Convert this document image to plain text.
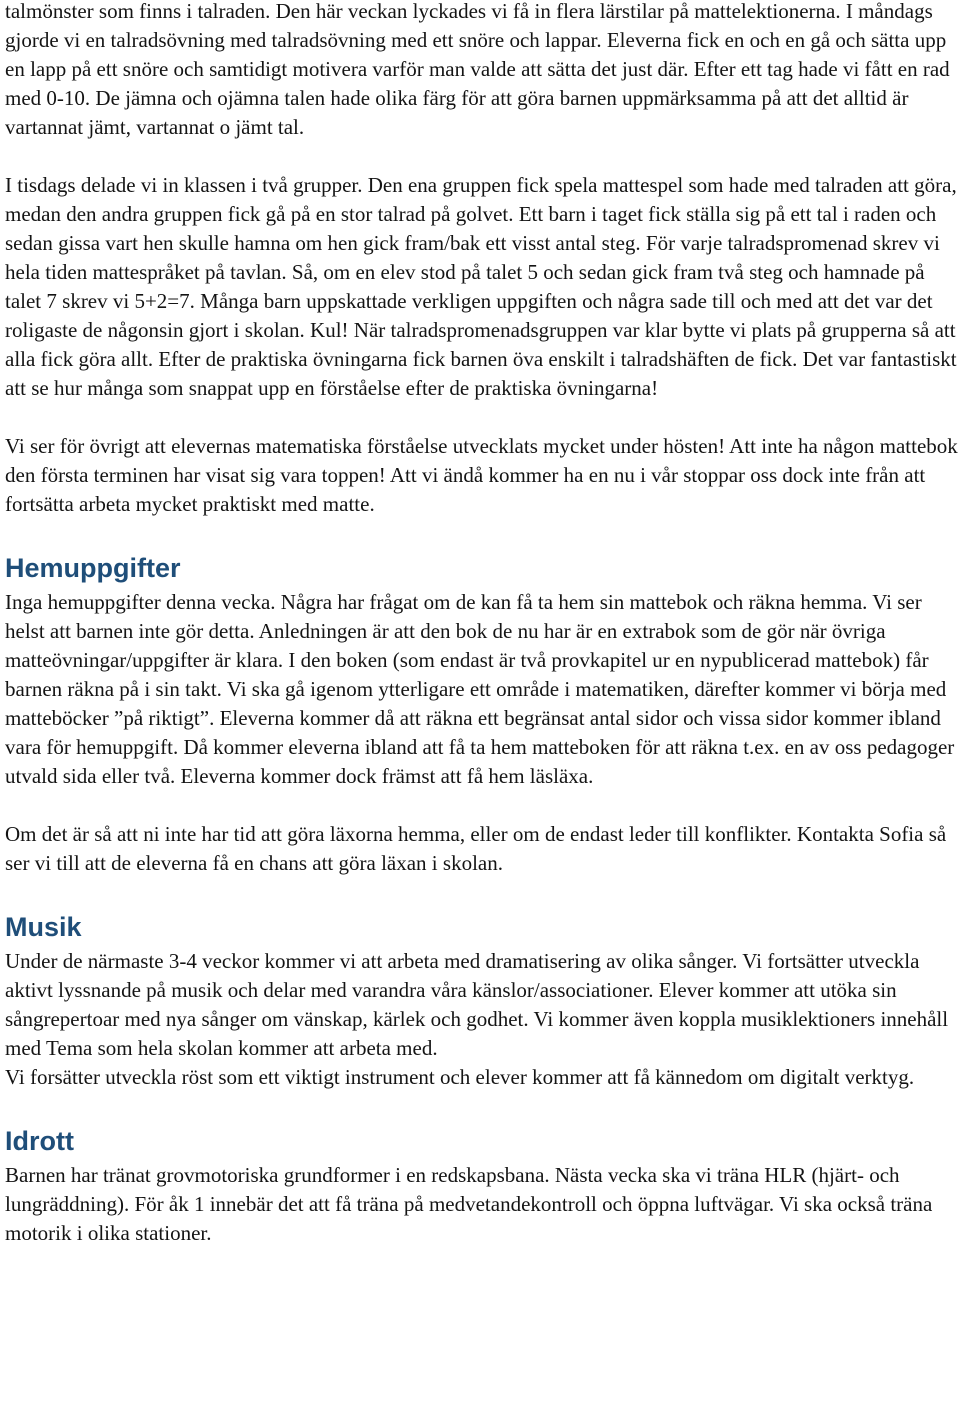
talmönster som finns i talraden. Den här veckan lyckades vi få in flera lärstilar på mattelektionerna. I måndags gjorde vi en talradsövning med talradsövning med ett snöre och lappar. Eleverna fick en och en gå och sätta upp en lapp på ett snöre och samtidigt motivera varför man valde att sätta det just där. Efter ett tag hade vi fått en rad med 0-10. De jämna och ojämna talen hade olika färg för att göra barnen uppmärksamma på att det alltid är vartannat jämt, vartannat o jämt tal.

I tisdags delade vi in klassen i två grupper. Den ena gruppen fick spela mattespel som hade med talraden att göra, medan den andra gruppen fick gå på en stor talrad på golvet. Ett barn i taget fick ställa sig på ett tal i raden och sedan gissa vart hen skulle hamna om hen gick fram/bak ett visst antal steg. För varje talradspromenad skrev vi hela tiden mattespråket på tavlan. Så, om en elev stod på talet 5 och sedan gick fram två steg och hamnade på talet 7 skrev vi 5+2=7. Många barn uppskattade verkligen uppgiften och några sade till och med att det var det roligaste de någonsin gjort i skolan. Kul! När talradspromenadsgruppen var klar bytte vi plats på grupperna så att alla fick göra allt. Efter de praktiska övningarna fick barnen öva enskilt i talradshäften de fick. Det var fantastiskt att se hur många som snappat upp en förståelse efter de praktiska övningarna!

Vi ser för övrigt att elevernas matematiska förståelse utvecklats mycket under hösten! Att inte ha någon mattebok den första terminen har visat sig vara toppen! Att vi ändå kommer ha en nu i vår stoppar oss dock inte från att fortsätta arbeta mycket praktiskt med matte.

Hemuppgifter

Inga hemuppgifter denna vecka. Några har frågat om de kan få ta hem sin mattebok och räkna hemma. Vi ser helst att barnen inte gör detta. Anledningen är att den bok de nu har är en extrabok som de gör när övriga matteövningar/uppgifter är klara. I den boken (som endast är två provkapitel ur en nypublicerad mattebok) får barnen räkna på i sin takt. Vi ska gå igenom ytterligare ett område i matematiken, därefter kommer vi börja med matteböcker ”på riktigt”. Eleverna kommer då att räkna ett begränsat antal sidor och vissa sidor kommer ibland vara för hemuppgift. Då kommer eleverna ibland att få ta hem matteboken för att räkna t.ex. en av oss pedagoger utvald sida eller två. Eleverna kommer dock främst att få hem läsläxa.

Om det är så att ni inte har tid att göra läxorna hemma, eller om de endast leder till konflikter. Kontakta Sofia så ser vi till att de eleverna få en chans att göra läxan i skolan.

Musik

Under de närmaste 3-4 veckor kommer vi att arbeta med dramatisering av olika sånger. Vi fortsätter utveckla aktivt lyssnande på musik och delar med varandra våra känslor/associationer. Elever kommer att utöka sin sångrepertoar med nya sånger om vänskap, kärlek och godhet. Vi kommer även koppla musiklektioners innehåll med Tema som hela skolan kommer att arbeta med.

Vi forsätter utveckla röst som ett viktigt instrument och elever kommer att få kännedom om digitalt verktyg.

Idrott

Barnen har tränat grovmotoriska grundformer i en redskapsbana. Nästa vecka ska vi träna HLR (hjärt- och lungräddning). För åk 1 innebär det att få träna på medvetandekontroll och öppna luftvägar. Vi ska också träna motorik i olika stationer.
